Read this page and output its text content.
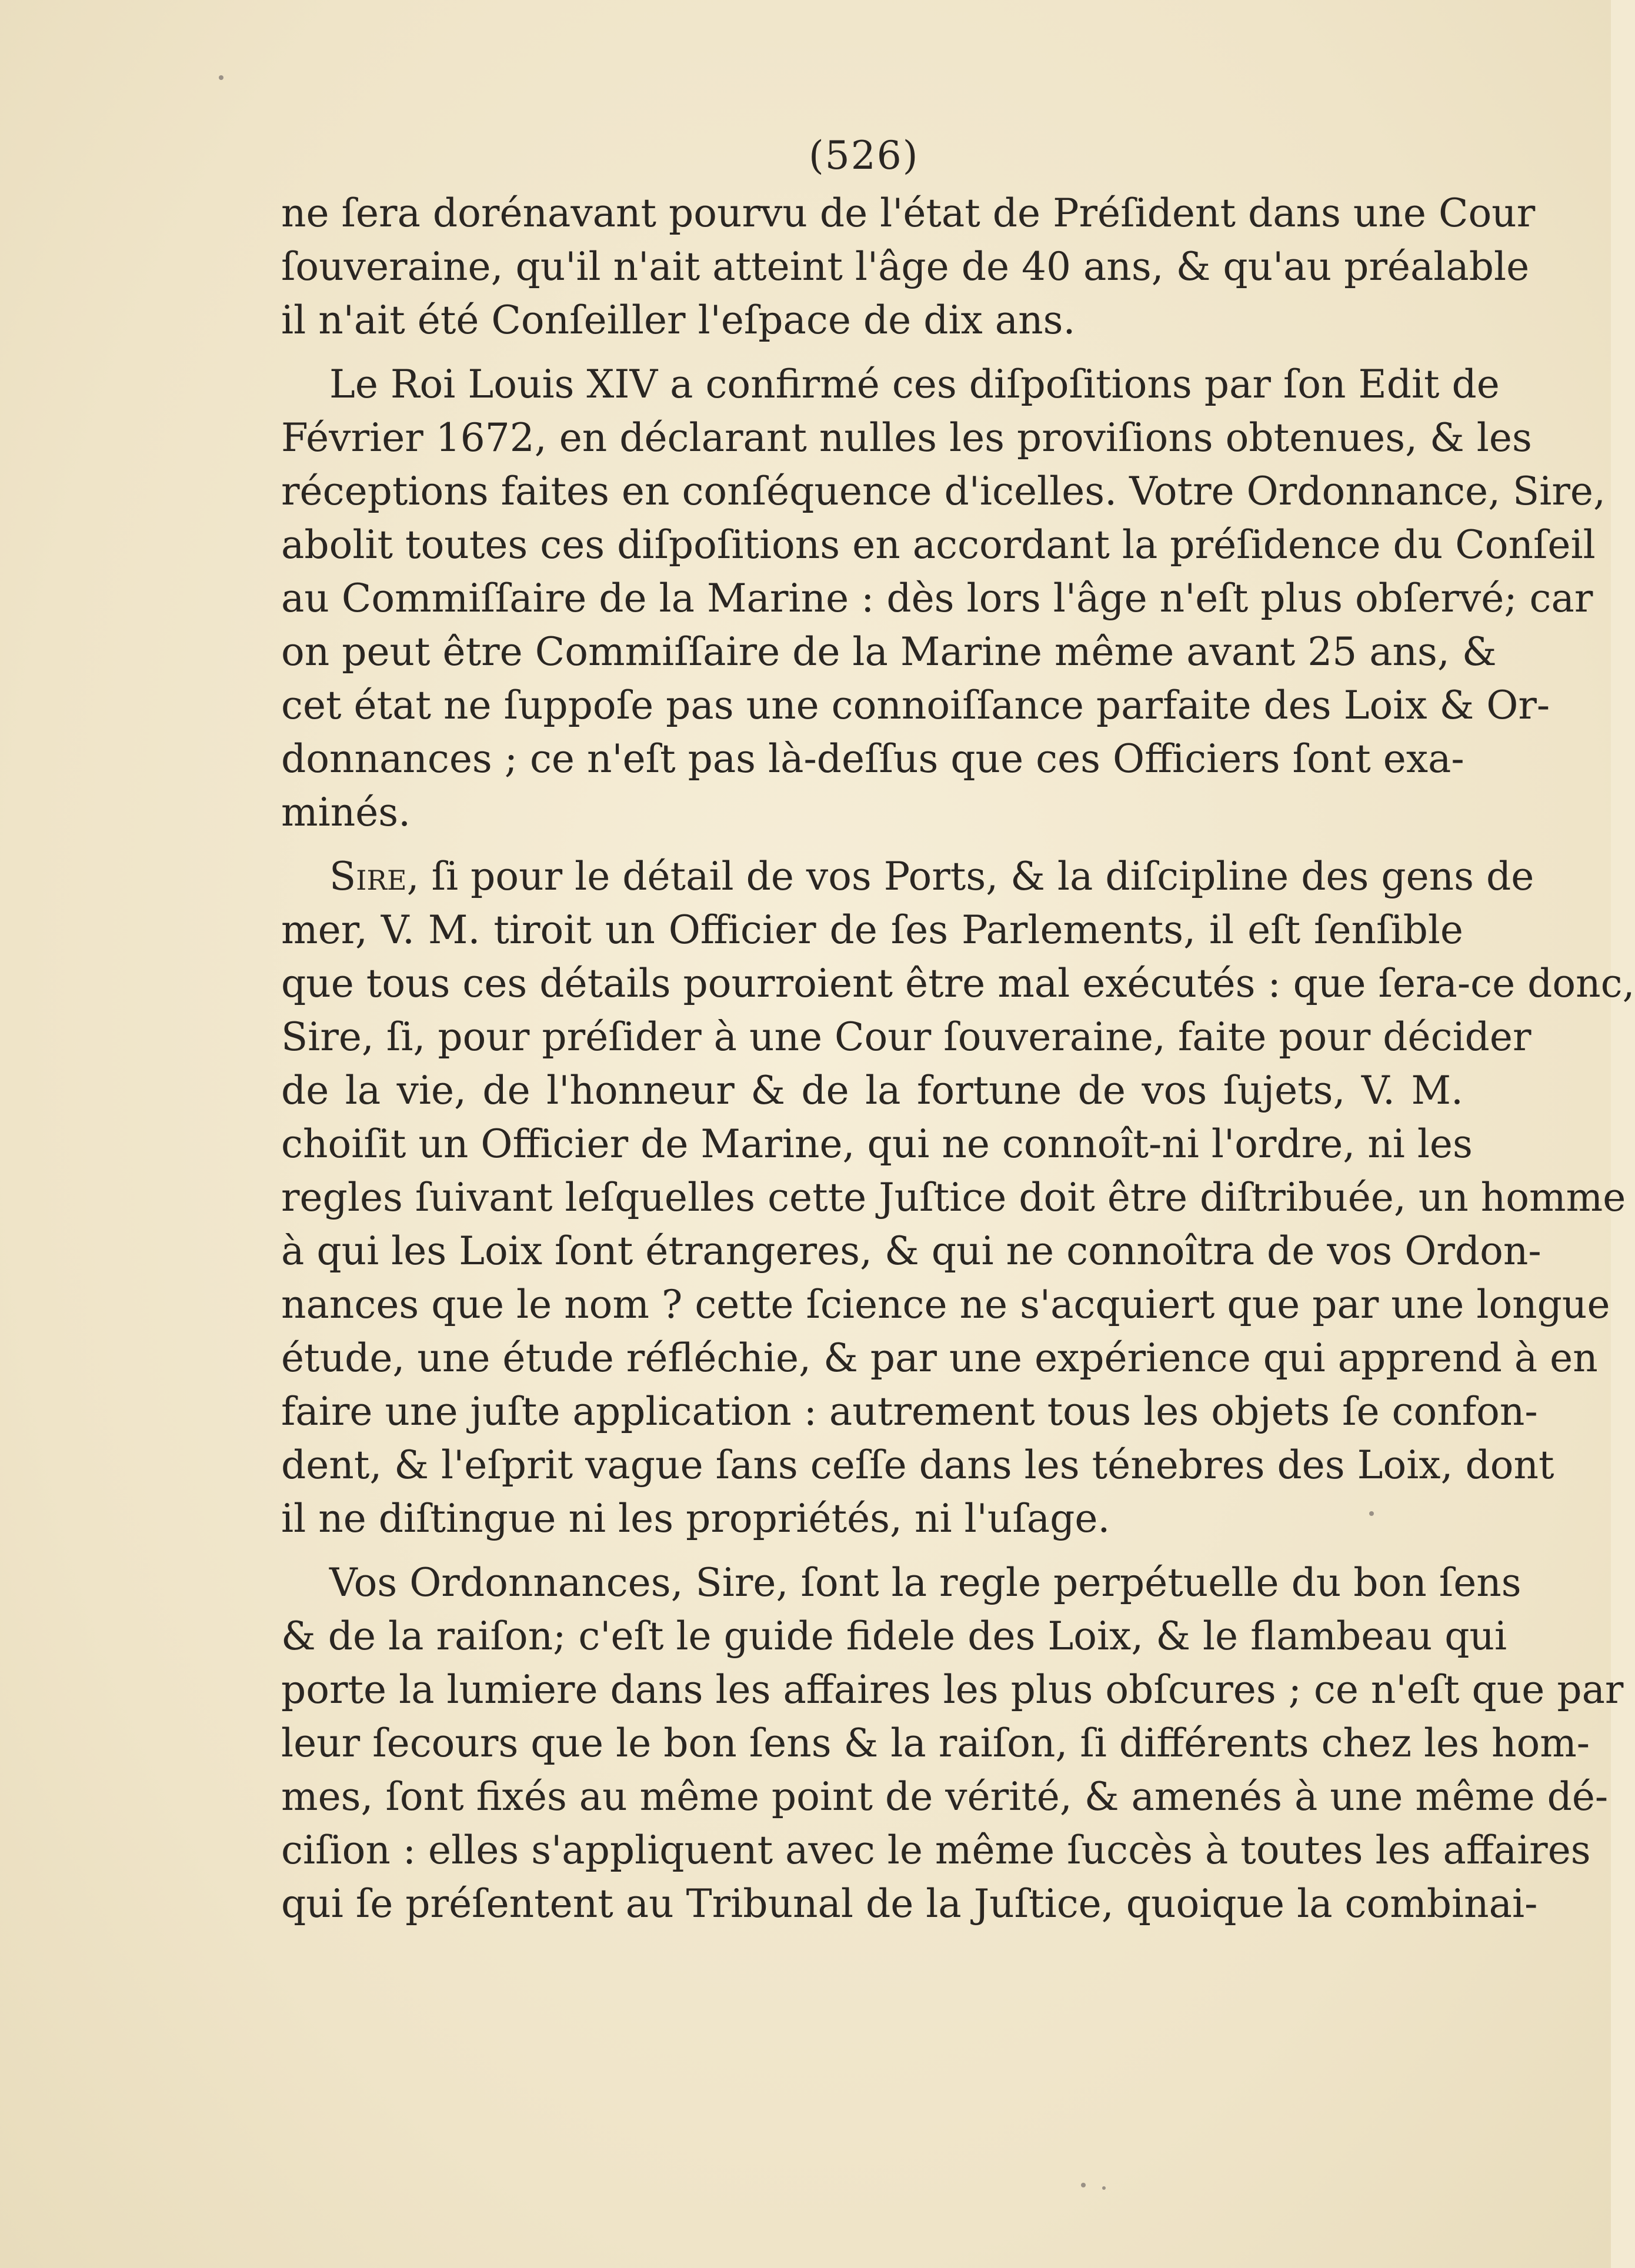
(526)
ne ſera dorénavant pourvu de l'état de Préſident dans une Cour
ſouveraine, qu'il n'ait atteint l'âge de 40 ans, & qu'au préalable
il n'ait été Conſeiller l'eſpace de dix ans.
Le Roi Louis XIV a confirmé ces diſpoſitions par ſon Edit de
Février 1672, en déclarant nulles les proviſions obtenues, & les
réceptions faites en conſéquence d'icelles. Votre Ordonnance, Sire,
abolit toutes ces diſpoſitions en accordant la préſidence du Conſeil
au Commiſſaire de la Marine : dès lors l'âge n'eſt plus obſervé; car
on peut être Commiſſaire de la Marine même avant 25 ans, &
cet état ne ſuppoſe pas une connoiſſance parfaite des Loix & Or-
donnances ; ce n'eſt pas là-deſſus que ces Officiers ſont exa-
minés.
Sire, ſi pour le détail de vos Ports, & la diſcipline des gens de
mer, V. M. tiroit un Officier de ſes Parlements, il eſt ſenſible
que tous ces détails pourroient être mal exécutés : que ſera-ce donc,
Sire, ſi, pour préſider à une Cour ſouveraine, faite pour décider
de la vie, de l'honneur & de la fortune de vos ſujets, V. M.
choiſit un Officier de Marine, qui ne connoît-ni l'ordre, ni les
regles ſuivant leſquelles cette Juſtice doit être diſtribuée, un homme
à qui les Loix ſont étrangeres, & qui ne connoîtra de vos Ordon-
nances que le nom ? cette ſcience ne s'acquiert que par une longue
étude, une étude réfléchie, & par une expérience qui apprend à en
faire une juſte application : autrement tous les objets ſe confon-
dent, & l'eſprit vague ſans ceſſe dans les ténebres des Loix, dont
il ne diſtingue ni les propriétés, ni l'uſage.
Vos Ordonnances, Sire, ſont la regle perpétuelle du bon ſens
& de la raiſon; c'eſt le guide fidele des Loix, & le flambeau qui
porte la lumiere dans les affaires les plus obſcures ; ce n'eſt que par
leur ſecours que le bon ſens & la raiſon, ſi différents chez les hom-
mes, ſont fixés au même point de vérité, & amenés à une même dé-
ciſion : elles s'appliquent avec le même ſuccès à toutes les affaires
qui ſe préſentent au Tribunal de la Juſtice, quoique la combinai-
